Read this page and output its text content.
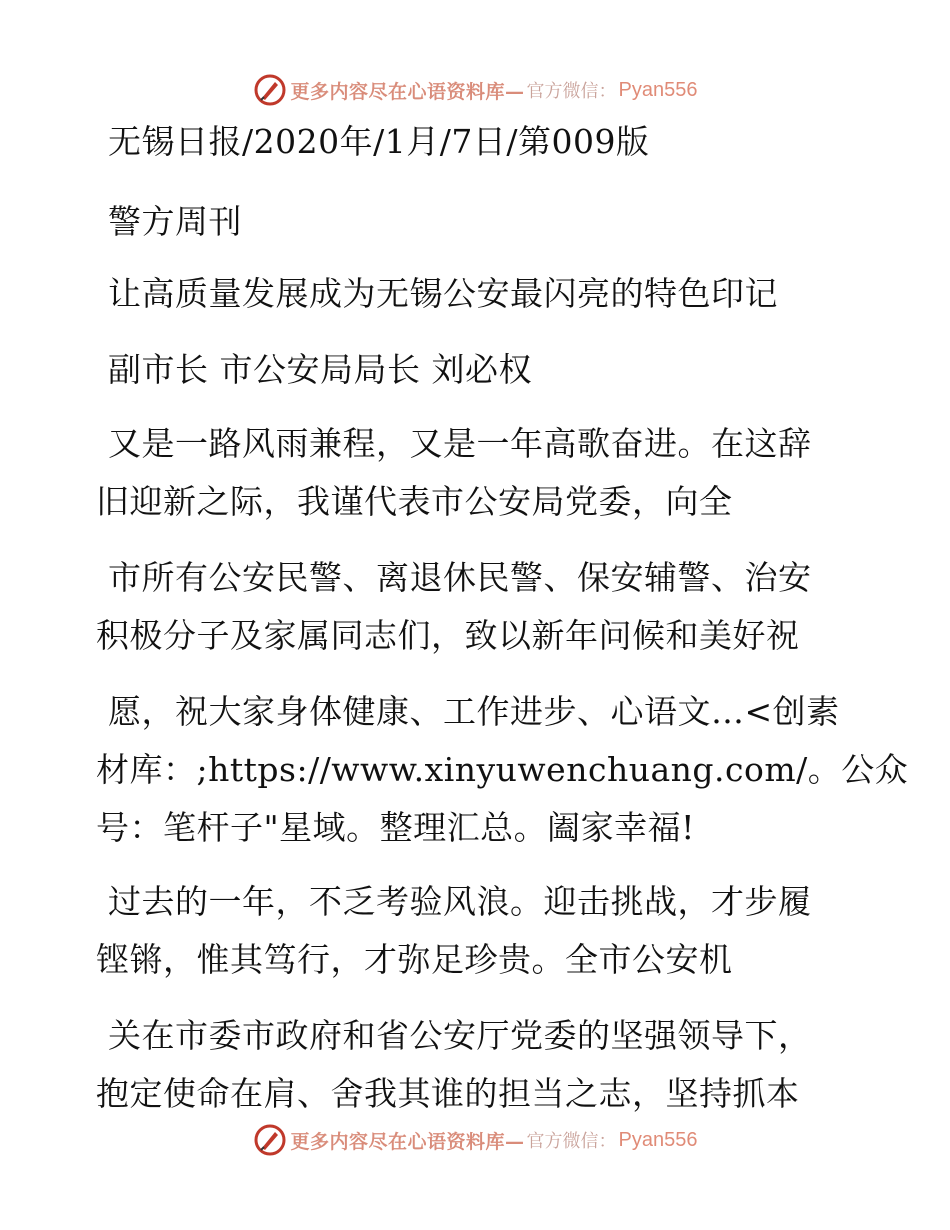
更多内容尽在心语资料库— 官方微信： Pyan556
无锡日报/2020年/1月/7日/第009版
警方周刊
让高质量发展成为无锡公安最闪亮的特色印记
副市长 市公安局局长 刘必权
又是一路风雨兼程，又是一年高歌奋进。在这辞
旧迎新之际，我谨代表市公安局党委，向全
市所有公安民警、离退休民警、保安辅警、治安
积极分子及家属同志们，致以新年问候和美好祝
愿，祝大家身体健康、工作进步、心语文…<创素
材库：;https://www.xinyuwenchuang.com/。公众
号：笔杆子"星域。整理汇总。阖家幸福!
过去的一年，不乏考验风浪。迎击挑战，才步履
铿锵，惟其笃行，才弥足珍贵。全市公安机
关在市委市政府和省公安厅党委的坚强领导下，
抱定使命在肩、舍我其谁的担当之志，坚持抓本
更多内容尽在心语资料库— 官方微信： Pyan556
